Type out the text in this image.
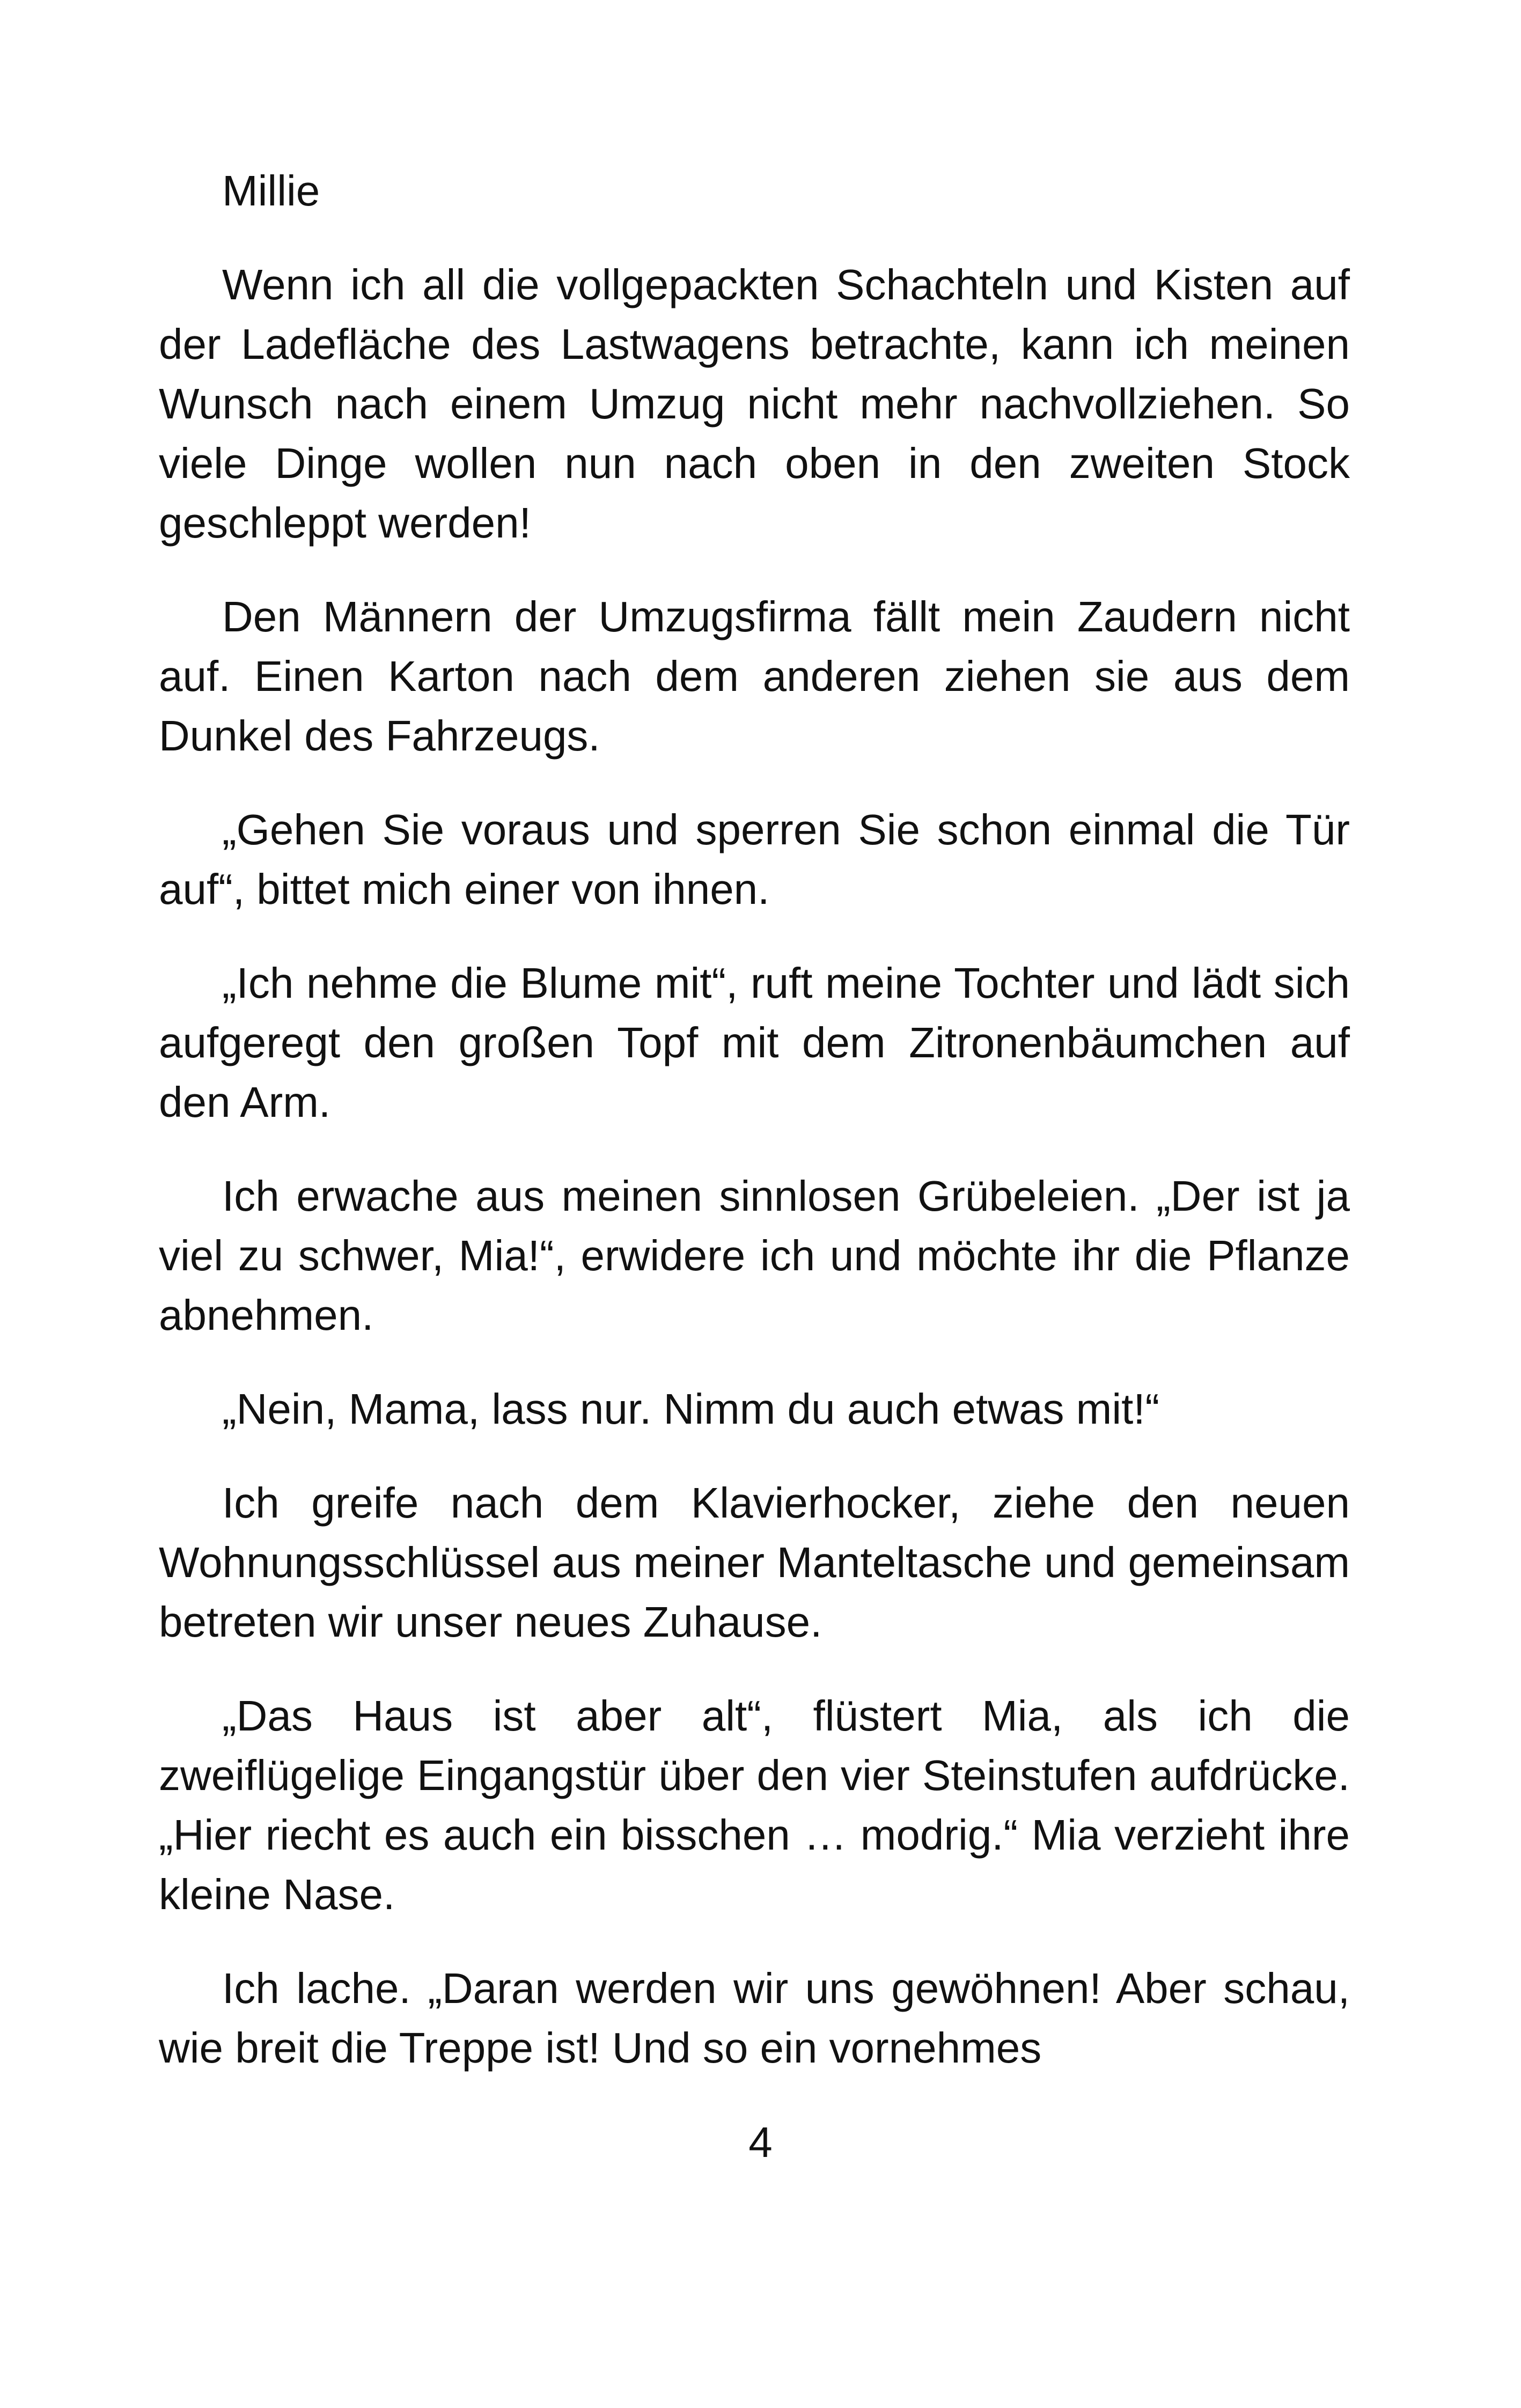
Millie

Wenn ich all die vollgepackten Schachteln und Kisten auf der Ladefläche des Lastwagens betrachte, kann ich meinen Wunsch nach einem Umzug nicht mehr nachvollziehen. So viele Dinge wollen nun nach oben in den zweiten Stock geschleppt werden!

Den Männern der Umzugsfirma fällt mein Zaudern nicht auf. Einen Karton nach dem anderen ziehen sie aus dem Dunkel des Fahrzeugs.

„Gehen Sie voraus und sperren Sie schon einmal die Tür auf“, bittet mich einer von ihnen.

„Ich nehme die Blume mit“, ruft meine Tochter und lädt sich aufgeregt den großen Topf mit dem Zitronenbäumchen auf den Arm.

Ich erwache aus meinen sinnlosen Grübeleien. „Der ist ja viel zu schwer, Mia!“, erwidere ich und möchte ihr die Pflanze abnehmen.

„Nein, Mama, lass nur. Nimm du auch etwas mit!“

Ich greife nach dem Klavierhocker, ziehe den neuen Wohnungsschlüssel aus meiner Manteltasche und gemeinsam betreten wir unser neues Zuhause.

„Das Haus ist aber alt“, flüstert Mia, als ich die zweiflügelige Eingangstür über den vier Steinstufen aufdrücke. „Hier riecht es auch ein bisschen … modrig.“ Mia verzieht ihre kleine Nase.

Ich lache. „Daran werden wir uns gewöhnen! Aber schau, wie breit die Treppe ist! Und so ein vornehmes

4
